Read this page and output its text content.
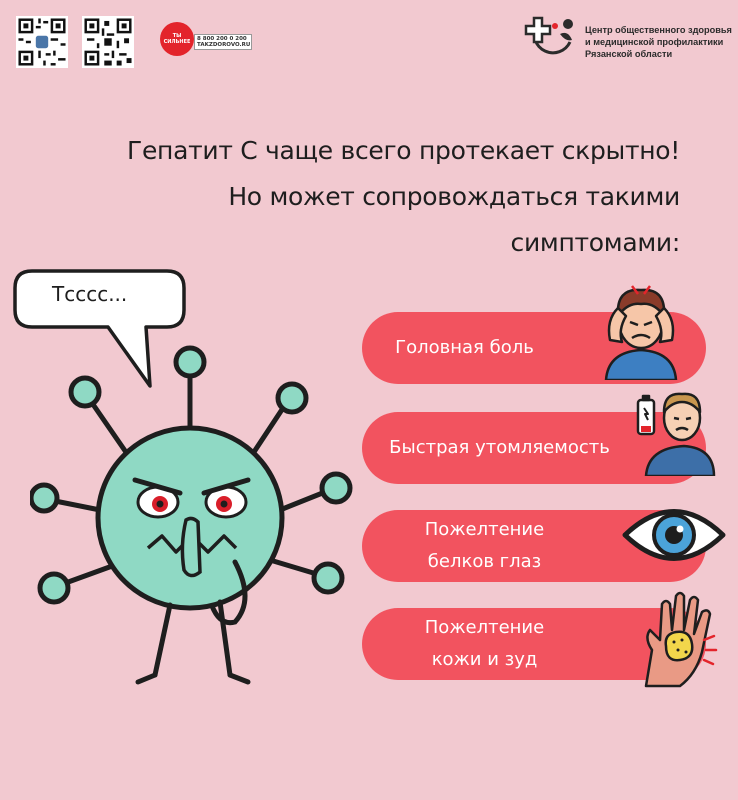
ТЫ СИЛЬНЕЕ	8 800 200 0 200
TAKZDOROVO.RU
Центр общественного здоровья
и медицинской профилактики
Рязанской области
Гепатит С чаще всего протекает скрытно!
Но может сопровождаться такими
симптомами:
Тсссс...
Головная боль
Быстрая утомляемость
Пожелтение
белков глаз
Пожелтение
кожи и зуд
